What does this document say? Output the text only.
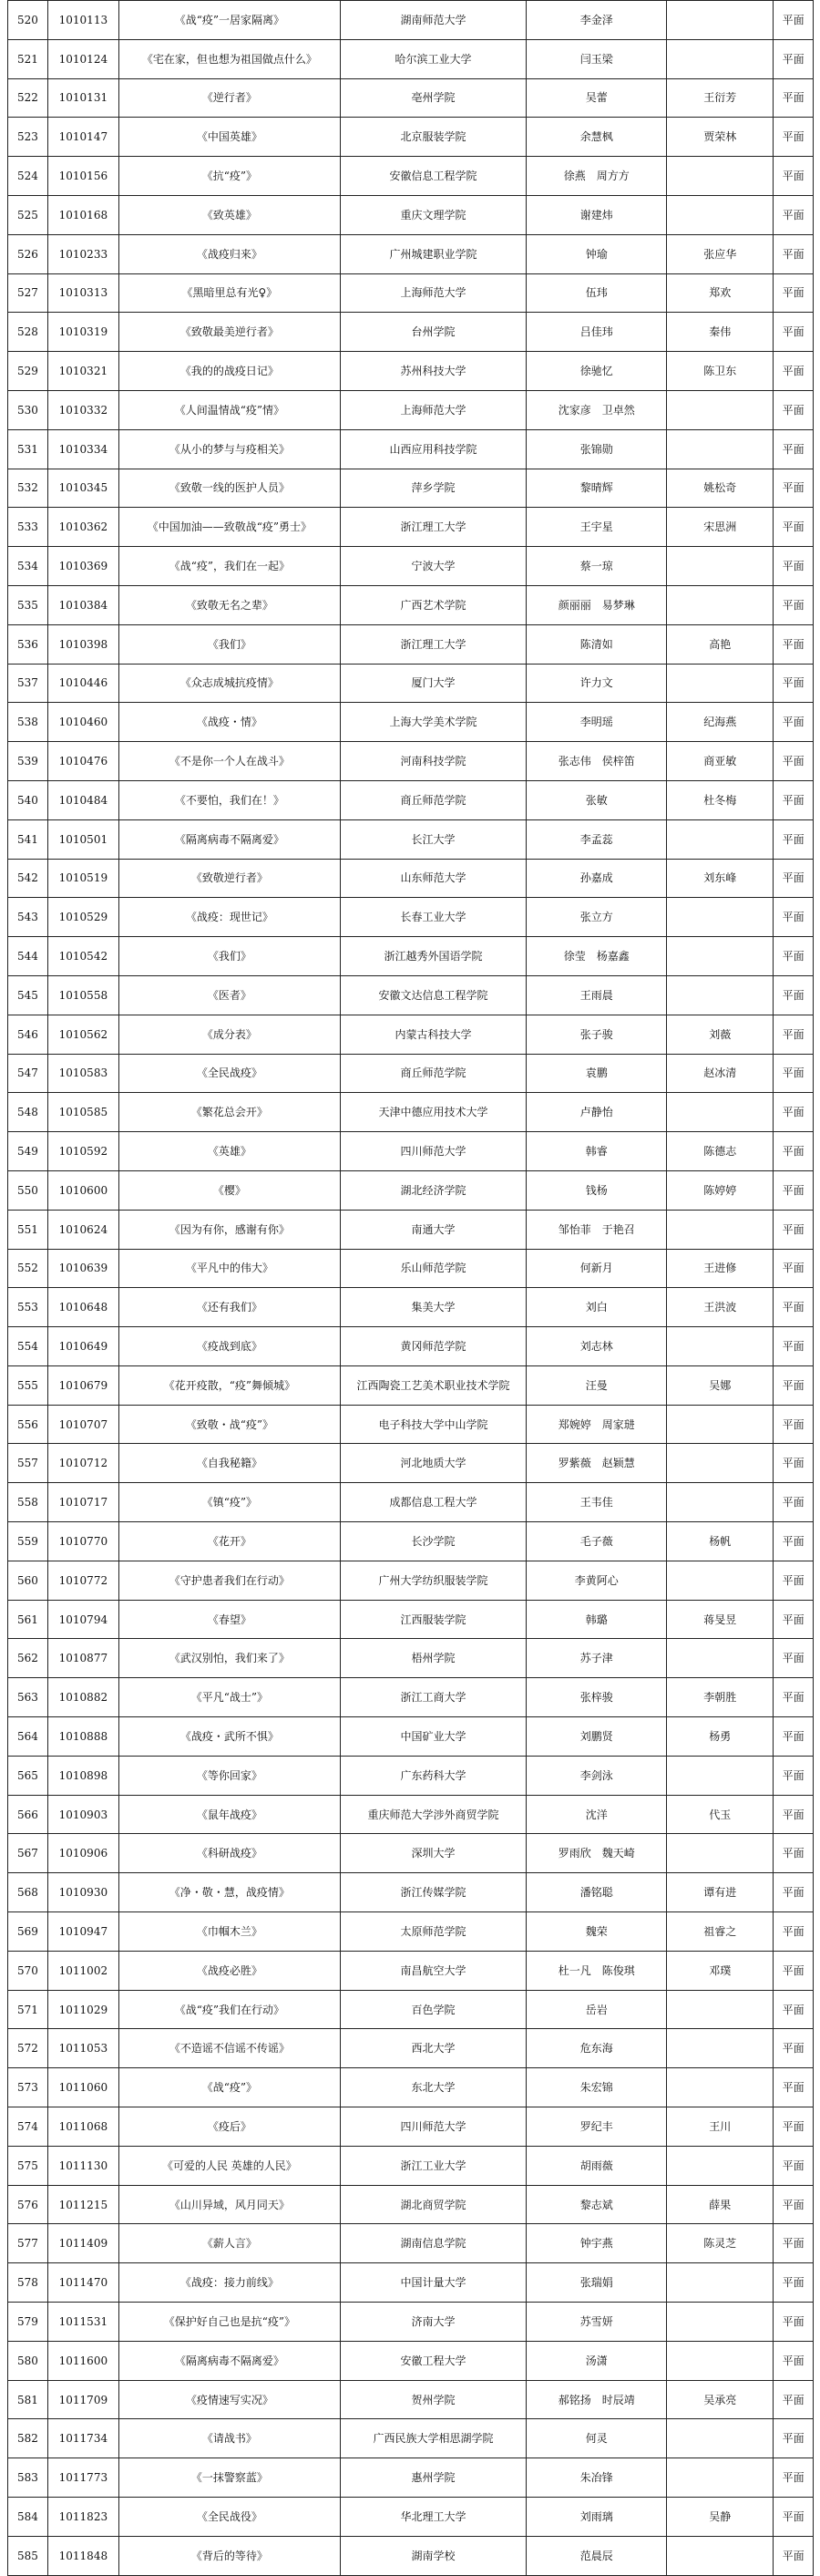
520	1010113	《战“疫”一居家隔离》	湖南师范大学	李金泽		平面
521	1010124	《宅在家，但也想为祖国做点什么》	哈尔滨工业大学	闫玉梁		平面
522	1010131	《逆行者》	亳州学院	吴蕾	王衍芳	平面
523	1010147	《中国英雄》	北京服装学院	余慧枫	贾荣林	平面
524	1010156	《抗“疫”》	安徽信息工程学院	徐燕　周方方		平面
525	1010168	《致英雄》	重庆文理学院	谢建炜		平面
526	1010233	《战疫归来》	广州城建职业学院	钟瑜	张应华	平面
527	1010313	《黑暗里总有光♀》	上海师范大学	伍玮	郑欢	平面
528	1010319	《致敬最美逆行者》	台州学院	吕佳玮	秦伟	平面
529	1010321	《我的的战疫日记》	苏州科技大学	徐驰忆	陈卫东	平面
530	1010332	《人间温情战“疫”情》	上海师范大学	沈家彦　卫卓然		平面
531	1010334	《从小的梦与与疫相关》	山西应用科技学院	张锦勋		平面
532	1010345	《致敬一线的医护人员》	萍乡学院	黎晴辉	姚松奇	平面
533	1010362	《中国加油——致敬战“疫”勇士》	浙江理工大学	王宇星	宋思洲	平面
534	1010369	《战“疫”，我们在一起》	宁波大学	蔡一琼		平面
535	1010384	《致敬无名之辈》	广西艺术学院	颜丽丽　易梦琳		平面
536	1010398	《我们》	浙江理工大学	陈清如	高艳	平面
537	1010446	《众志成城抗疫情》	厦门大学	许力文		平面
538	1010460	《战疫・情》	上海大学美术学院	李明瑶	纪海燕	平面
539	1010476	《不是你一个人在战斗》	河南科技学院	张志伟　侯梓笛	商亚敏	平面
540	1010484	《不要怕，我们在！》	商丘师范学院	张敏	杜冬梅	平面
541	1010501	《隔离病毒不隔离爱》	长江大学	李孟蕊		平面
542	1010519	《致敬逆行者》	山东师范大学	孙嘉成	刘东峰	平面
543	1010529	《战疫：现世记》	长春工业大学	张立方		平面
544	1010542	《我们》	浙江越秀外国语学院	徐莹　杨嘉鑫		平面
545	1010558	《医者》	安徽文达信息工程学院	王雨晨		平面
546	1010562	《成分表》	内蒙古科技大学	张子骏	刘薇	平面
547	1010583	《全民战疫》	商丘师范学院	袁鹏	赵冰清	平面
548	1010585	《繁花总会开》	天津中德应用技术大学	卢静怡		平面
549	1010592	《英雄》	四川师范大学	韩睿	陈德志	平面
550	1010600	《樱》	湖北经济学院	钱杨	陈婷婷	平面
551	1010624	《因为有你，感谢有你》	南通大学	邹怡菲　于艳召		平面
552	1010639	《平凡中的伟大》	乐山师范学院	何新月	王进修	平面
553	1010648	《还有我们》	集美大学	刘白	王洪波	平面
554	1010649	《疫战到底》	黄冈师范学院	刘志林		平面
555	1010679	《花开疫散，“疫”舞倾城》	江西陶瓷工艺美术职业技术学院	汪曼	吴娜	平面
556	1010707	《致敬・战“疫”》	电子科技大学中山学院	郑婉婷　周家琎		平面
557	1010712	《自我秘籍》	河北地质大学	罗紫薇　赵颖慧		平面
558	1010717	《镇“疫”》	成都信息工程大学	王韦佳		平面
559	1010770	《花开》	长沙学院	毛子薇	杨帆	平面
560	1010772	《守护患者我们在行动》	广州大学纺织服装学院	李黄阿心		平面
561	1010794	《春望》	江西服装学院	韩璐	蒋旻昱	平面
562	1010877	《武汉别怕，我们来了》	梧州学院	苏子津		平面
563	1010882	《平凡“战士”》	浙江工商大学	张梓骏	李朝胜	平面
564	1010888	《战疫・武所不惧》	中国矿业大学	刘鹏贤	杨勇	平面
565	1010898	《等你回家》	广东药科大学	李剑泳		平面
566	1010903	《鼠年战疫》	重庆师范大学涉外商贸学院	沈洋	代玉	平面
567	1010906	《科研战疫》	深圳大学	罗雨欣　魏天崎		平面
568	1010930	《净・敬・慧，战疫情》	浙江传媒学院	潘铭聪	谭有进	平面
569	1010947	《巾帼木兰》	太原师范学院	魏荣	祖睿之	平面
570	1011002	《战疫必胜》	南昌航空大学	杜一凡　陈俊琪	邓璞	平面
571	1011029	《战“疫”我们在行动》	百色学院	岳岩		平面
572	1011053	《不造谣不信谣不传谣》	西北大学	危东海		平面
573	1011060	《战“疫”》	东北大学	朱宏锦		平面
574	1011068	《疫后》	四川师范大学	罗纪丰	王川	平面
575	1011130	《可爱的人民 英雄的人民》	浙江工业大学	胡雨薇		平面
576	1011215	《山川异域，风月同天》	湖北商贸学院	黎志斌	薛果	平面
577	1011409	《薪人言》	湖南信息学院	钟宇燕	陈灵芝	平面
578	1011470	《战疫：接力前线》	中国计量大学	张瑞娟		平面
579	1011531	《保护好自己也是抗“疫”》	济南大学	苏雪妍		平面
580	1011600	《隔离病毒不隔离爱》	安徽工程大学	汤潇		平面
581	1011709	《疫情速写实况》	贺州学院	郝铭扬　时辰靖	吴承亮	平面
582	1011734	《请战书》	广西民族大学相思湖学院	何灵		平面
583	1011773	《一抹警察蓝》	惠州学院	朱冶锋		平面
584	1011823	《全民战役》	华北理工大学	刘雨璃	吴静	平面
585	1011848	《背后的等待》	湖南学校	范晨辰		平面
